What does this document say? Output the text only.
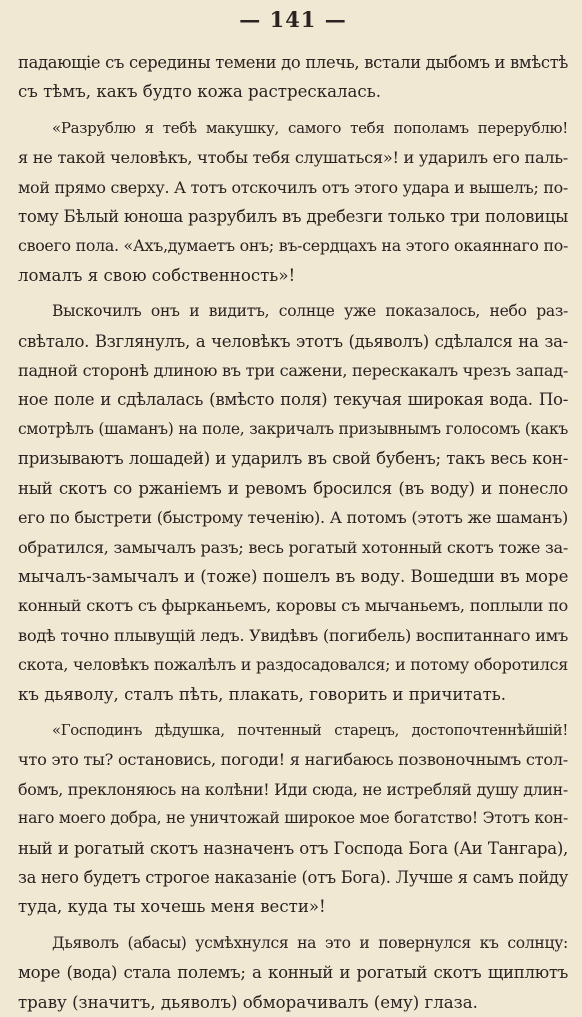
— 141 —
падающіе съ середины темени до плечь, встали дыбомъ и вмѣстѣ
съ тѣмъ, какъ будто кожа растрескалась.
«Разрублю я тебѣ макушку, самого тебя пополамъ перерублю!
я не такой человѣкъ, чтобы тебя слушаться»! и ударилъ его паль-
мой прямо сверху. А тотъ отскочилъ отъ этого удара и вышелъ; по-
тому Бѣлый юноша разрубилъ въ дребезги только три половицы
своего пола. «Ахъ,думаетъ онъ; въ-сердцахъ на этого окаяннаго по-
ломалъ я свою собственность»!
Выскочилъ онъ и видитъ, солнце уже показалось, небо раз-
свѣтало. Взглянулъ, а человѣкъ этотъ (дьяволъ) сдѣлался на за-
падной сторонѣ длиною въ три сажени, перескакалъ чрезъ запад-
ное поле и сдѣлалась (вмѣсто поля) текучая широкая вода. По-
смотрѣлъ (шаманъ) на поле, закричалъ призывнымъ голосомъ (какъ
призываютъ лошадей) и ударилъ въ свой бубенъ; такъ весь кон-
ный скотъ со ржаніемъ и ревомъ бросился (въ воду) и понесло
его по быстрети (быстрому теченію). А потомъ (этотъ же шаманъ)
обратился, замычалъ разъ; весь рогатый хотонный скотъ тоже за-
мычалъ-замычалъ и (тоже) пошелъ въ воду. Вошедши въ море
конный скотъ съ фырканьемъ, коровы съ мычаньемъ, поплыли по
водѣ точно плывущій ледъ. Увидѣвъ (погибель) воспитаннаго имъ
скота, человѣкъ пожалѣлъ и раздосадовался; и потому оборотился
къ дьяволу, сталъ пѣть, плакать, говорить и причитать.
«Господинъ дѣдушка, почтенный старецъ, достопочтеннѣйшій!
что это ты? остановись, погоди! я нагибаюсь позвоночнымъ стол-
бомъ, преклоняюсь на колѣни! Иди сюда, не истребляй душу длин-
наго моего добра, не уничтожай широкое мое богатство! Этотъ кон-
ный и рогатый скотъ назначенъ отъ Господа Бога (Аи Тангара),
за него будетъ строгое наказаніе (отъ Бога). Лучше я самъ пойду
туда, куда ты хочешь меня вести»!
Дьяволъ (абасы) усмѣхнулся на это и повернулся къ солнцу:
море (вода) стала полемъ; а конный и рогатый скотъ щиплютъ
траву (значитъ, дьяволъ) обморачивалъ (ему) глаза.
